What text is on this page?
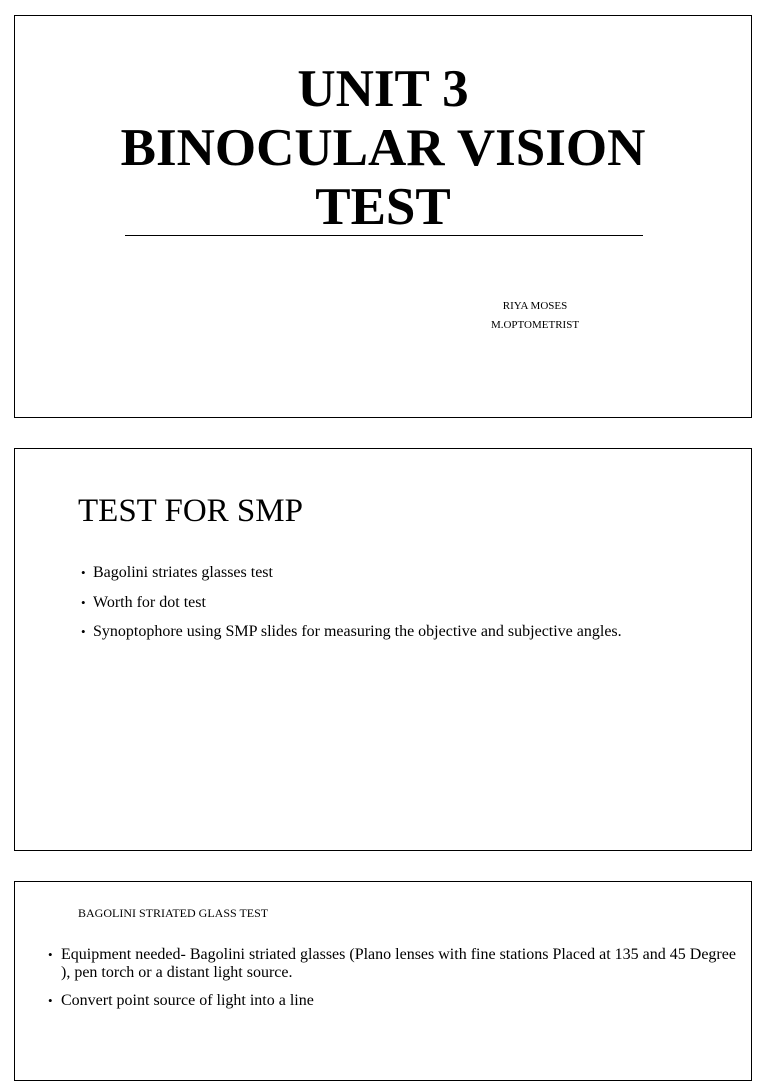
UNIT 3
BINOCULAR VISION
TEST
RIYA MOSES
M.OPTOMETRIST
TEST FOR SMP
• Bagolini striates glasses test
• Worth for dot test
• Synoptophore using SMP slides for measuring the objective and subjective angles.
BAGOLINI STRIATED GLASS TEST
• Equipment needed- Bagolini striated glasses (Plano lenses with fine stations Placed at 135 and 45 Degree ), pen torch or a distant light source.
• Convert point source of light into a line
